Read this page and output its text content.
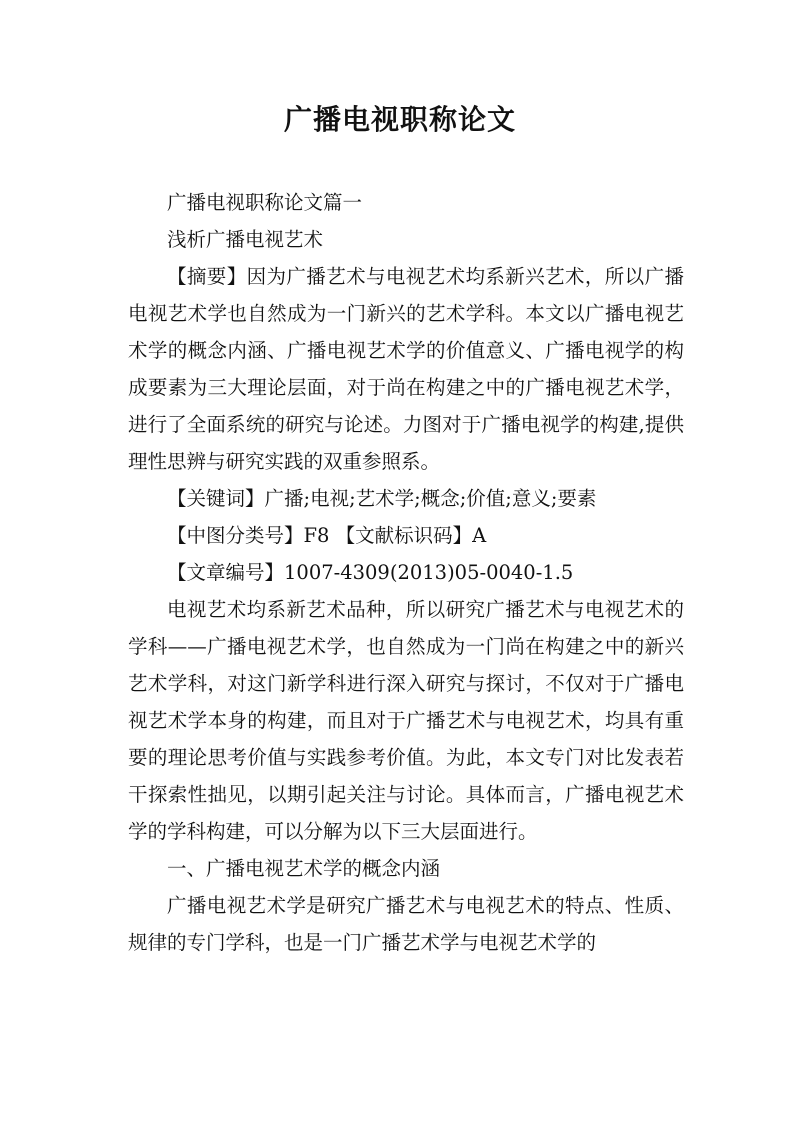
广播电视职称论文

广播电视职称论文篇一

浅析广播电视艺术

【摘要】因为广播艺术与电视艺术均系新兴艺术，所以广播电视艺术学也自然成为一门新兴的艺术学科。本文以广播电视艺术学的概念内涵、广播电视艺术学的价值意义、广播电视学的构成要素为三大理论层面，对于尚在构建之中的广播电视艺术学，进行了全面系统的研究与论述。力图对于广播电视学的构建,提供理性思辨与研究实践的双重参照系。

【关键词】广播;电视;艺术学;概念;价值;意义;要素

【中图分类号】F8 【文献标识码】A

【文章编号】1007-4309(2013)05-0040-1.5

电视艺术均系新艺术品种，所以研究广播艺术与电视艺术的学科——广播电视艺术学，也自然成为一门尚在构建之中的新兴艺术学科，对这门新学科进行深入研究与探讨，不仅对于广播电视艺术学本身的构建，而且对于广播艺术与电视艺术，均具有重要的理论思考价值与实践参考价值。为此，本文专门对比发表若干探索性拙见，以期引起关注与讨论。具体而言，广播电视艺术学的学科构建，可以分解为以下三大层面进行。

一、广播电视艺术学的概念内涵

广播电视艺术学是研究广播艺术与电视艺术的特点、性质、规律的专门学科，也是一门广播艺术学与电视艺术学的
